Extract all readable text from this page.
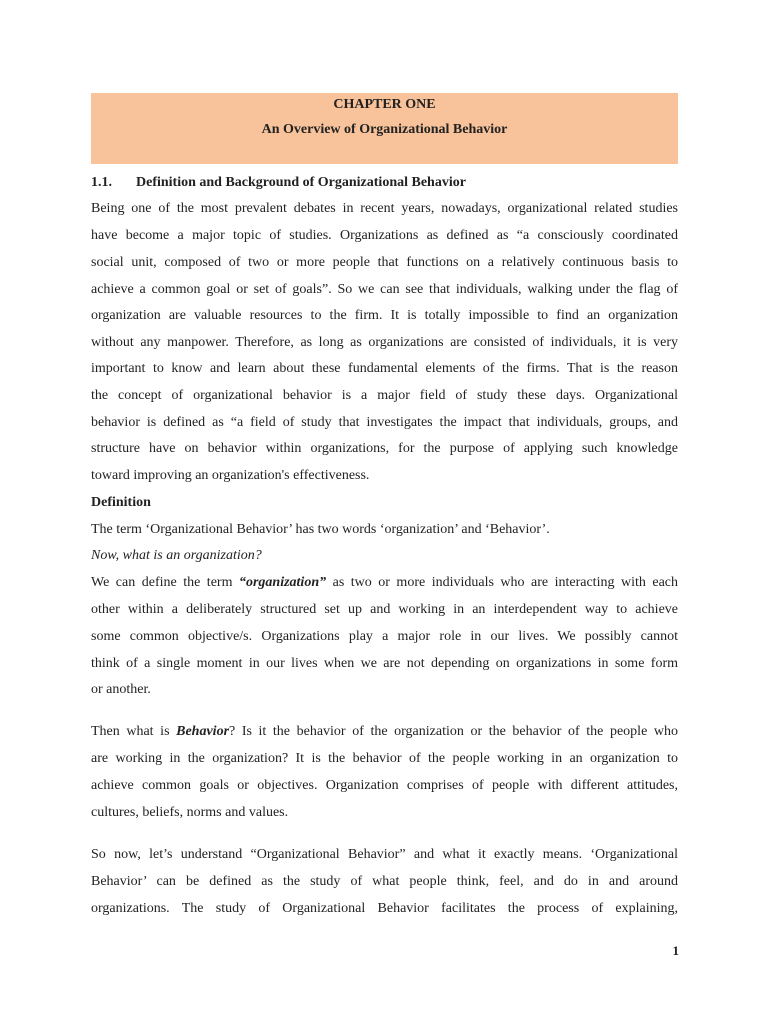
CHAPTER ONE
An Overview of Organizational Behavior
1.1. Definition and Background of Organizational Behavior
Being one of the most prevalent debates in recent years, nowadays, organizational related studies
have become a major topic of studies. Organizations as defined as “a consciously coordinated
social unit, composed of two or more people that functions on a relatively continuous basis to
achieve a common goal or set of goals”. So we can see that individuals, walking under the flag of
organization are valuable resources to the firm. It is totally impossible to find an organization
without any manpower. Therefore, as long as organizations are consisted of individuals, it is very
important to know and learn about these fundamental elements of the firms. That is the reason
the concept of organizational behavior is a major field of study these days. Organizational
behavior is defined as “a field of study that investigates the impact that individuals, groups, and
structure have on behavior within organizations, for the purpose of applying such knowledge
toward improving an organization's effectiveness.
Definition
The term ‘Organizational Behavior’ has two words ‘organization’ and ‘Behavior’.
Now, what is an organization?
We can define the term “organization” as two or more individuals who are interacting with each
other within a deliberately structured set up and working in an interdependent way to achieve
some common objective/s. Organizations play a major role in our lives. We possibly cannot
think of a single moment in our lives when we are not depending on organizations in some form
or another.
Then what is Behavior? Is it the behavior of the organization or the behavior of the people who
are working in the organization? It is the behavior of the people working in an organization to
achieve common goals or objectives. Organization comprises of people with different attitudes,
cultures, beliefs, norms and values.
So now, let’s understand “Organizational Behavior” and what it exactly means. ‘Organizational
Behavior’ can be defined as the study of what people think, feel, and do in and around
organizations. The study of Organizational Behavior facilitates the process of explaining,
1
